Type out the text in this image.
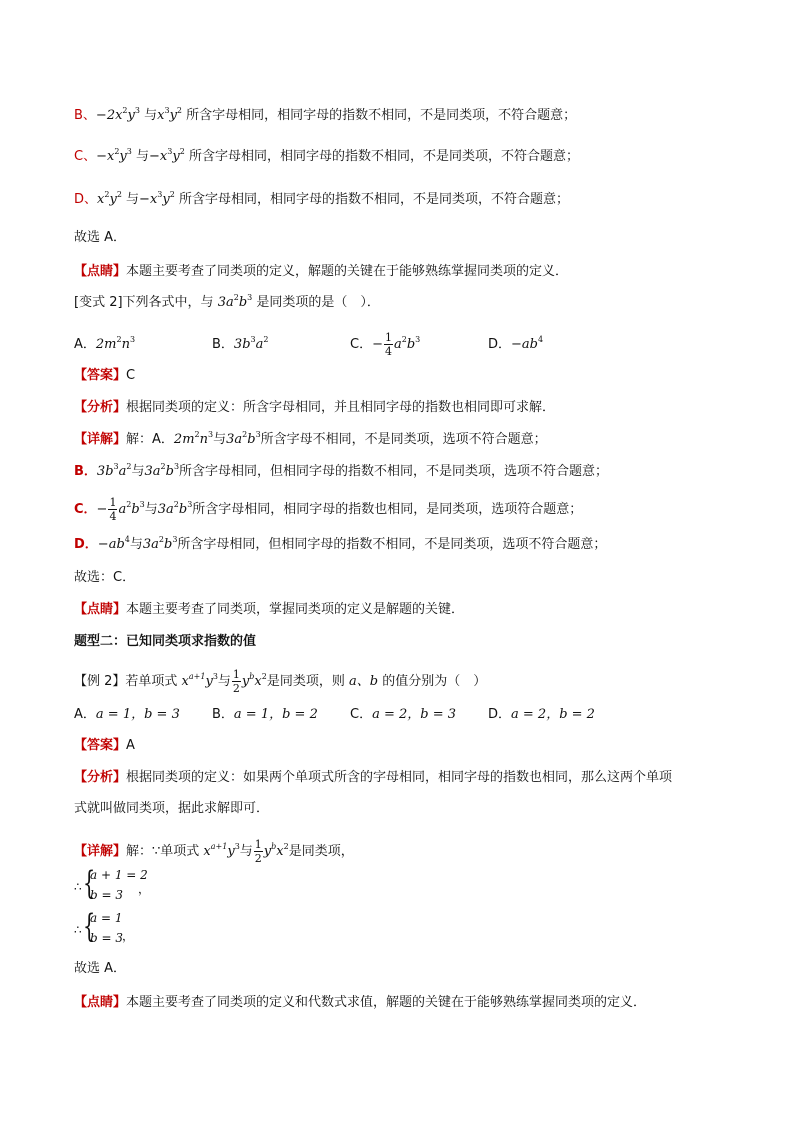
B、$-2x^2y^3$ 与$x^3y^2$ 所含字母相同，相同字母的指数不相同，不是同类项，不符合题意；
C、$-x^2y^3$ 与$-x^3y^2$ 所含字母相同，相同字母的指数不相同，不是同类项，不符合题意；
D、$x^2y^2$ 与$-x^3y^2$ 所含字母相同，相同字母的指数不相同，不是同类项，不符合题意；
故选 A．
【点睛】本题主要考查了同类项的定义，解题的关键在于能够熟练掌握同类项的定义．
[变式 2]下列各式中，与 $3a^2b^3$ 是同类项的是（　）．
A．$2m^2n^3$	B．$3b^3a^2$	C．− $\frac{1}{4} a^2b^3$	D．$-ab^4$
【答案】C
【分析】根据同类项的定义：所含字母相同，并且相同字母的指数也相同即可求解．
【详解】解：A．$2m^2n^3$与$3a^2b^3$所含字母不相同，不是同类项，选项不符合题意；
B．$3b^3a^2$与$3a^2b^3$所含字母相同，但相同字母的指数不相同，不是同类项，选项不符合题意；
C．− $\frac{1}{4} a^2b^3$与$3a^2b^3$所含字母相同，相同字母的指数也相同，是同类项，选项符合题意；
D．$-ab^4$与$3a^2b^3$所含字母相同，但相同字母的指数不相同，不是同类项，选项不符合题意；
故选：C．
【点睛】本题主要考查了同类项，掌握同类项的定义是解题的关键．
题型二：已知同类项求指数的值
【例 2】若单项式 $x^{a+1}y^3$与 $\frac{1}{2} y^bx^2$是同类项，则 a、b 的值分别为（　）
A．a = 1，b = 3 B．a = 1，b = 2 C．a = 2，b = 3 D．a = 2，b = 2
【答案】A
【分析】根据同类项的定义：如果两个单项式所含的字母相同，相同字母的指数也相同，那么这两个单项
式就叫做同类项，据此求解即可．
【详解】解：∵单项式 $x^{a+1}y^3$与 $\frac{1}{2} y^bx^2$是同类项，
∴ {
a + 1 = 2
b = 3 ，
∴ {
a = 1
b = 3 ，
故选 A．
【点睛】本题主要考查了同类项的定义和代数式求值，解题的关键在于能够熟练掌握同类项的定义．
